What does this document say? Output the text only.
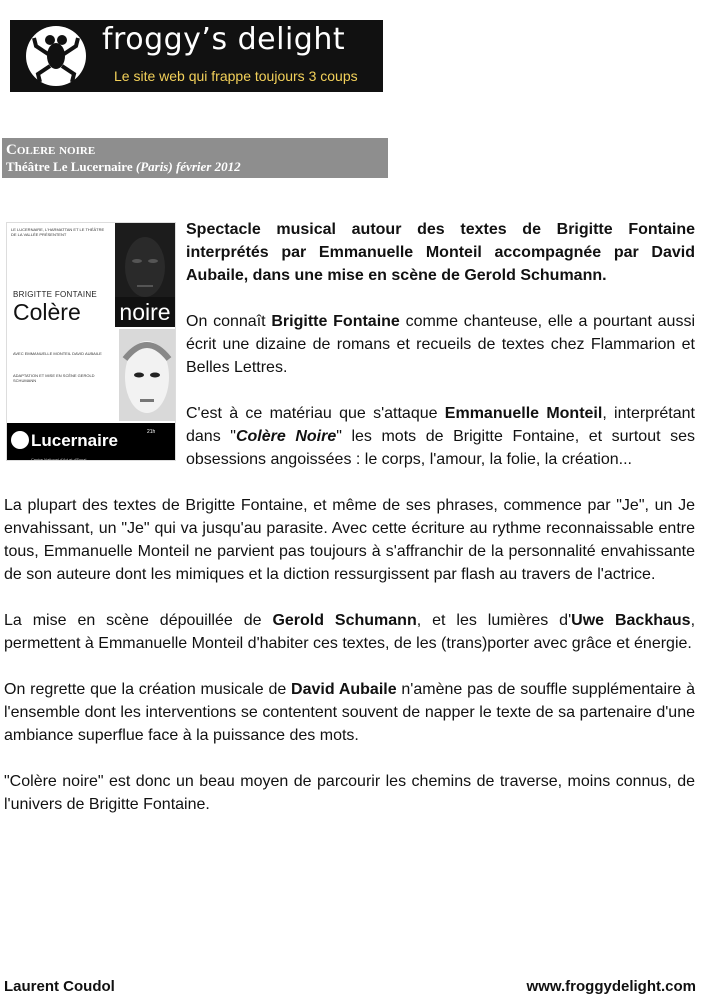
froggy’s delight
Le site web qui frappe toujours 3 coups
Colere noire
Théâtre Le Lucernaire (Paris) février 2012
LE LUCERNAIRE, L'HARMATTAN ET LE THÉÂTRE DE LA VALLÉE PRÉSENTENT
BRIGITTE FONTAINE
Colère noire
AVEC EMMANUELLE MONTEIL DAVID AUBAILE
ADAPTATION ET MISE EN SCÈNE GEROLD SCHUMANN
Lucernaire
Centre National d'Art et d'Essai
21h

Spectacle musical autour des textes de Brigitte Fontaine interprétés par Emmanuelle Monteil accompagnée par David Aubaile, dans une mise en scène de Gerold Schumann.

On connaît Brigitte Fontaine comme chanteuse, elle a pourtant aussi écrit une dizaine de romans et recueils de textes chez Flammarion et Belles Lettres.

C'est à ce matériau que s'attaque Emmanuelle Monteil, interprétant dans "Colère Noire" les mots de Brigitte Fontaine, et surtout ses obsessions angoissées : le corps, l'amour, la folie, la création...

La plupart des textes de Brigitte Fontaine, et même de ses phrases, commence par "Je", un Je envahissant, un "Je" qui va jusqu'au parasite. Avec cette écriture au rythme reconnaissable entre tous, Emmanuelle Monteil ne parvient pas toujours à s'affranchir de la personnalité envahissante de son auteure dont les mimiques et la diction ressurgissent par flash au travers de l'actrice.

La mise en scène dépouillée de Gerold Schumann, et les lumières d'Uwe Backhaus, permettent à Emmanuelle Monteil d'habiter ces textes, de les (trans)porter avec grâce et énergie.

On regrette que la création musicale de David Aubaile n'amène pas de souffle supplémentaire à l'ensemble dont les interventions se contentent souvent de napper le texte de sa partenaire d'une ambiance superflue face à la puissance des mots.

"Colère noire" est donc un beau moyen de parcourir les chemins de traverse, moins connus, de l'univers de Brigitte Fontaine.

Laurent Coudol	www.froggydelight.com
